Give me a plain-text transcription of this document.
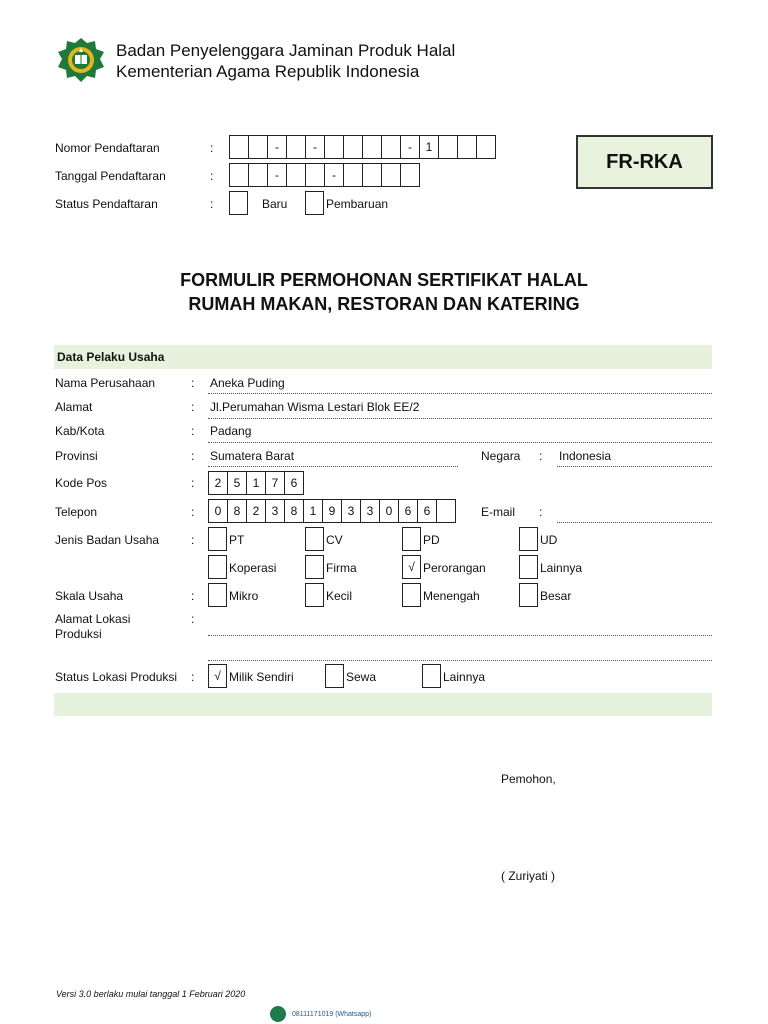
Badan Penyelenggara Jaminan Produk Halal
Kementerian Agama Republik Indonesia
Nomor Pendaftaran	:	-	-	-	1
Tanggal Pendaftaran	:	-	-
Status Pendaftaran	:	Baru	Pembaruan
FR-RKA
FORMULIR PERMOHONAN SERTIFIKAT HALAL
RUMAH MAKAN, RESTORAN DAN KATERING
Data Pelaku Usaha
Nama Perusahaan	: Aneka Puding
Alamat	: Jl.Perumahan Wisma Lestari Blok EE/2
Kab/Kota	: Padang
Provinsi	: Sumatera Barat	Negara : Indonesia
Kode Pos	:	2	5	1	7	6
Telepon	:	0	8	2	3	8	1	9	3	3	0	6	6	E-mail :
Jenis Badan Usaha	:	PT	CV	PD	UD
Koperasi	Firma	√ Perorangan	Lainnya
Skala Usaha	:	Mikro	Kecil	Menengah	Besar
Alamat Lokasi
Produksi
:
Status Lokasi Produksi :	√ Milik Sendiri	Sewa	Lainnya
Pemohon,
( Zuriyati )
Versi 3.0 berlaku mulai tanggal 1 Februari 2020
08111171019 (Whatsapp)
